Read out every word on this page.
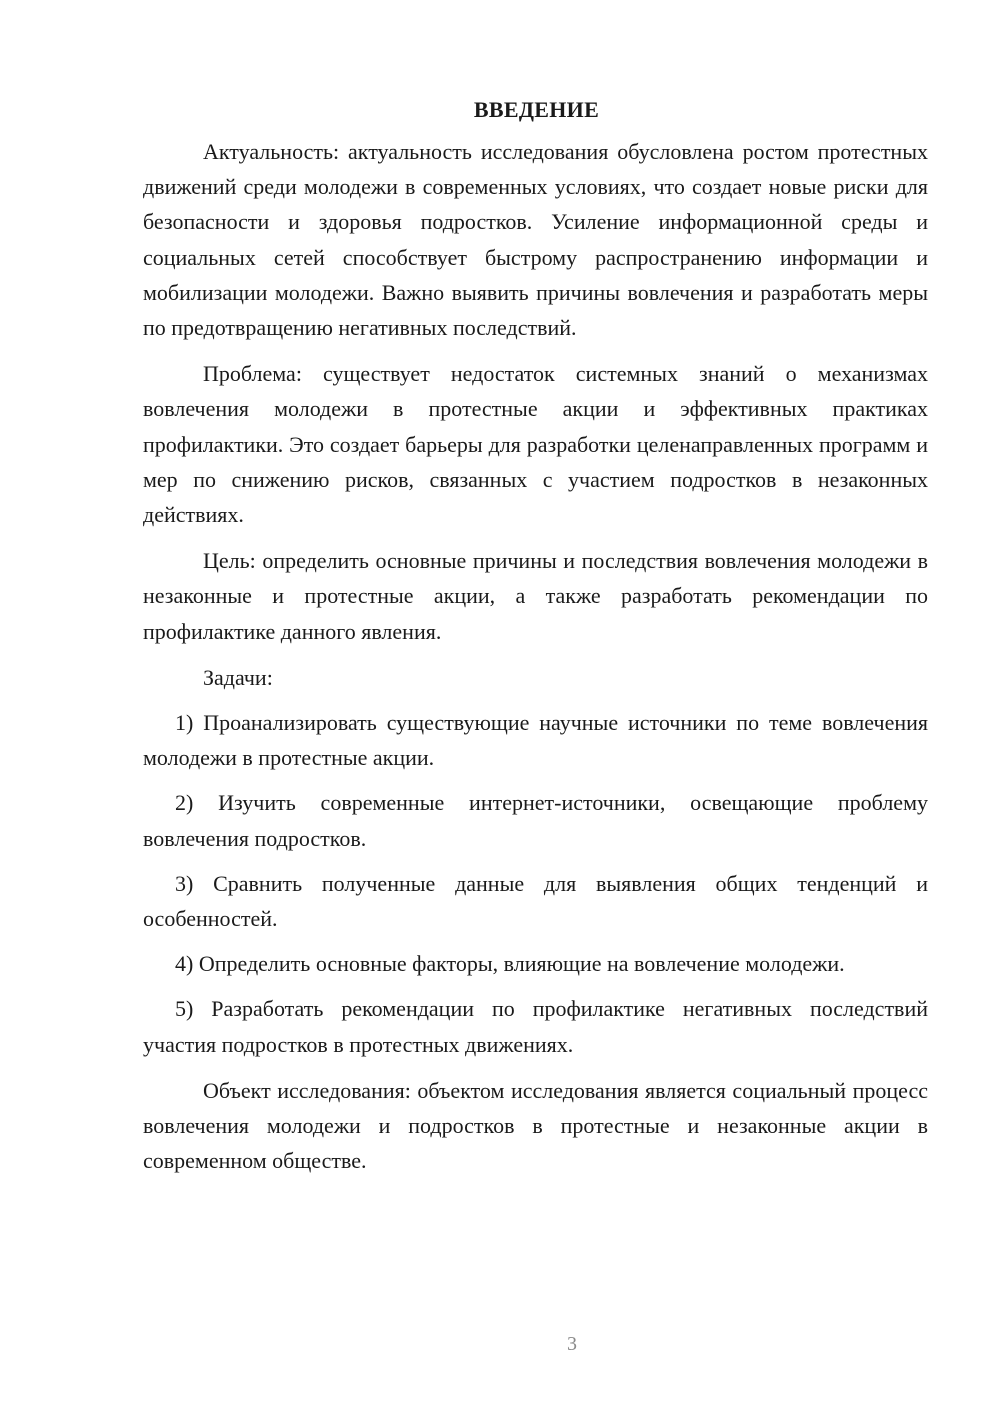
ВВЕДЕНИЕ

Актуальность: актуальность исследования обусловлена ростом протестных движений среди молодежи в современных условиях, что создает новые риски для безопасности и здоровья подростков. Усиление информационной среды и социальных сетей способствует быстрому распространению информации и мобилизации молодежи. Важно выявить причины вовлечения и разработать меры по предотвращению негативных последствий.

Проблема: существует недостаток системных знаний о механизмах вовлечения молодежи в протестные акции и эффективных практиках профилактики. Это создает барьеры для разработки целенаправленных программ и мер по снижению рисков, связанных с участием подростков в незаконных действиях.

Цель: определить основные причины и последствия вовлечения молодежи в незаконные и протестные акции, а также разработать рекомендации по профилактике данного явления.

Задачи:

1) Проанализировать существующие научные источники по теме вовлечения молодежи в протестные акции.

2) Изучить современные интернет-источники, освещающие проблему вовлечения подростков.

3) Сравнить полученные данные для выявления общих тенденций и особенностей.

4) Определить основные факторы, влияющие на вовлечение молодежи.

5) Разработать рекомендации по профилактике негативных последствий участия подростков в протестных движениях.

Объект исследования: объектом исследования является социальный процесс вовлечения молодежи и подростков в протестные и незаконные акции в современном обществе.

3
